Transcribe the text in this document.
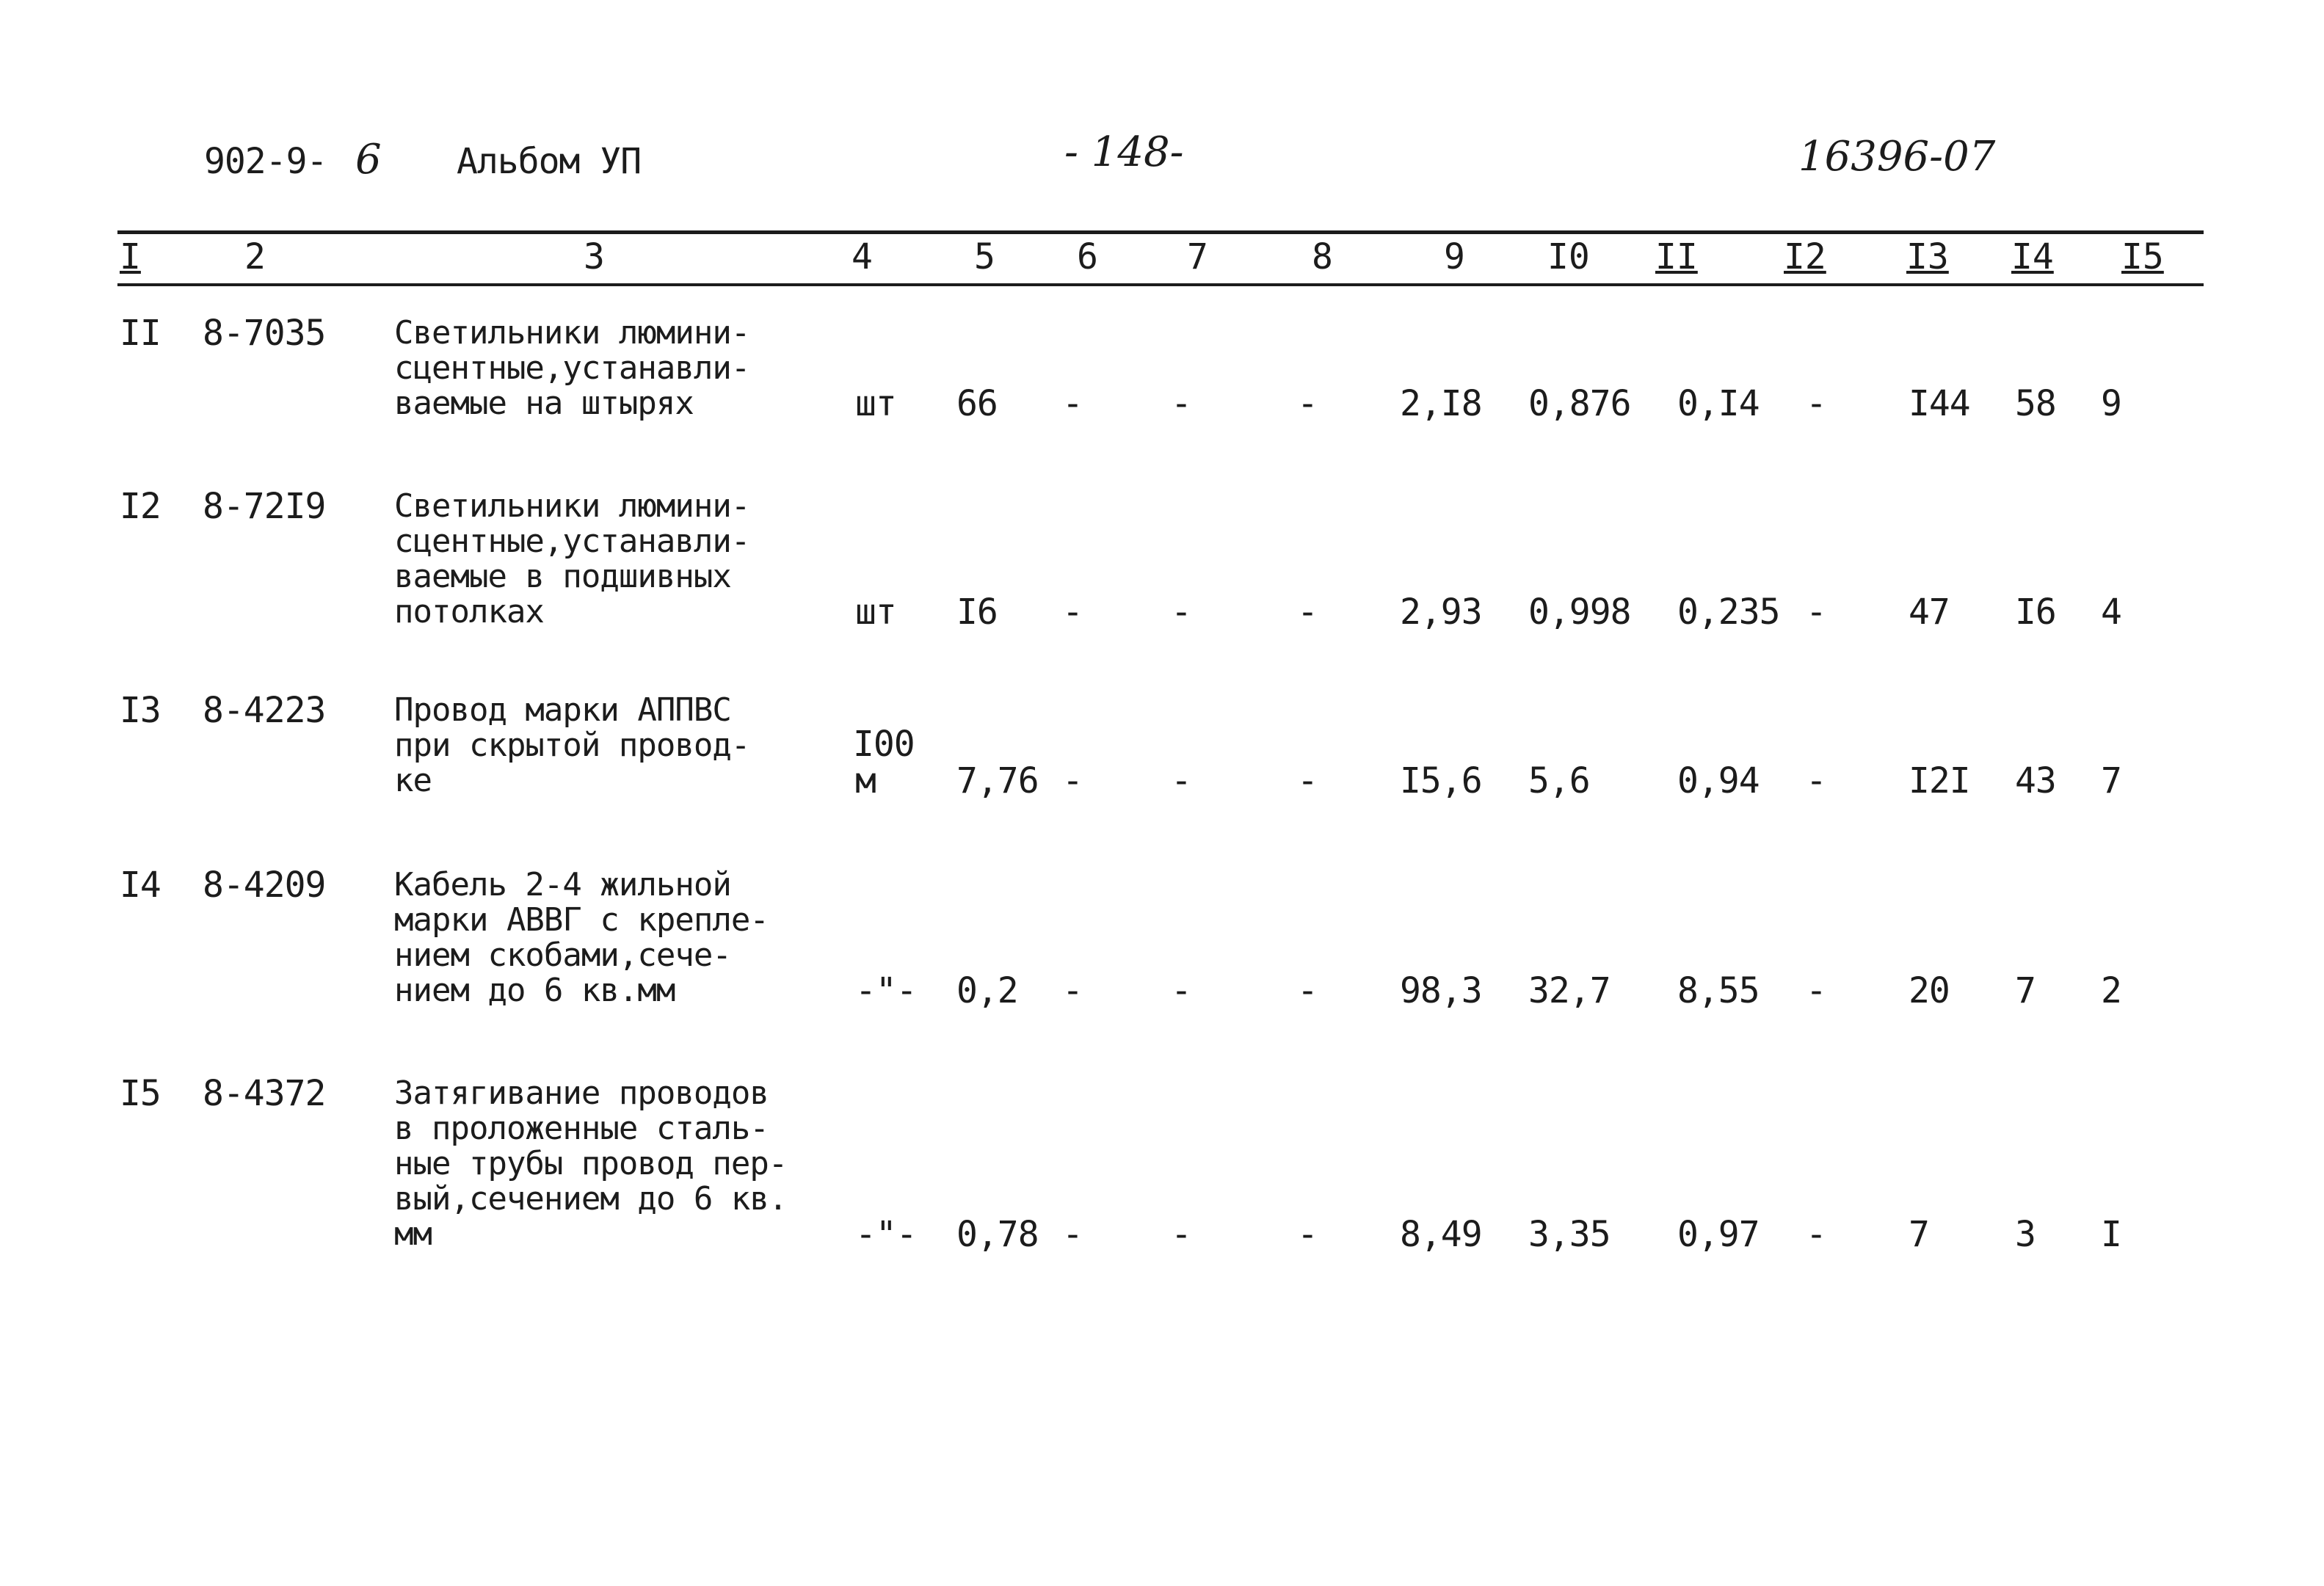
902-9- 6 Альбом УП	- 148-	16396-07
I	2	3	4	5 6	7	8	9 I0 II I2 I3 I4 I5
II 8-7035 Светильники люмини-
сцентные,устанавли-
ваемые на штырях	шт 66 -	-	- 2,I8 0,876 0,I4 - I44 58 9
I2 8-72I9 Светильники люмини-
сцентные,устанавли-
ваемые в подшивных
потолках	шт I6 -	-	- 2,93 0,998 0,235 - 47 I6 4
I3 8-4223 Провод марки АППВС
при скрытой провод-
ке
I00
м 7,76 -	-	- I5,6 5,6 0,94 - I2I 43 7
I4 8-4209 Кабель 2-4 жильной
марки АВВГ с крепле-
нием скобами,сече-
нием до 6 кв.мм	-"- 0,2 -	-	- 98,3 32,7 8,55 - 20 7 2
I5 8-4372 Затягивание проводов
в проложенные сталь-
ные трубы провод пер-
вый,сечением до 6 кв.
мм	-"- 0,78 -	-	- 8,49 3,35 0,97 - 7 3 I
